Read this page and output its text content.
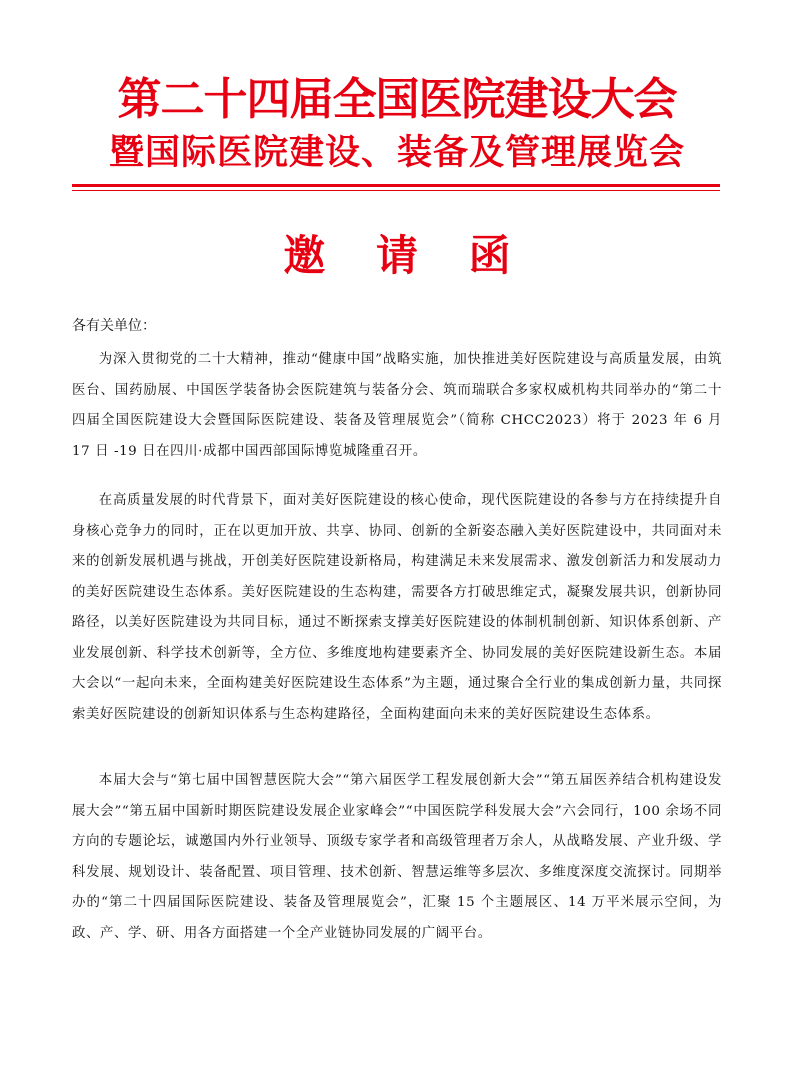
第二十四届全国医院建设大会
暨国际医院建设、装备及管理展览会
邀 请 函
各有关单位：

为深入贯彻党的二十大精神，推动“健康中国”战略实施，加快推进美好医院建设与高质量发展，由筑医台、国药励展、中国医学装备协会医院建筑与装备分会、筑而瑞联合多家权威机构共同举办的“第二十四届全国医院建设大会暨国际医院建设、装备及管理展览会”（简称 CHCC2023）将于 2023 年 6 月 17 日 -19 日在四川·成都中国西部国际博览城隆重召开。

在高质量发展的时代背景下，面对美好医院建设的核心使命，现代医院建设的各参与方在持续提升自身核心竞争力的同时，正在以更加开放、共享、协同、创新的全新姿态融入美好医院建设中，共同面对未来的创新发展机遇与挑战，开创美好医院建设新格局，构建满足未来发展需求、激发创新活力和发展动力的美好医院建设生态体系。美好医院建设的生态构建，需要各方打破思维定式，凝聚发展共识，创新协同路径，以美好医院建设为共同目标，通过不断探索支撑美好医院建设的体制机制创新、知识体系创新、产业发展创新、科学技术创新等，全方位、多维度地构建要素齐全、协同发展的美好医院建设新生态。本届大会以“一起向未来，全面构建美好医院建设生态体系”为主题，通过聚合全行业的集成创新力量，共同探索美好医院建设的创新知识体系与生态构建路径，全面构建面向未来的美好医院建设生态体系。

本届大会与“第七届中国智慧医院大会”“第六届医学工程发展创新大会”“第五届医养结合机构建设发展大会”“第五届中国新时期医院建设发展企业家峰会”“中国医院学科发展大会”六会同行，100 余场不同方向的专题论坛，诚邀国内外行业领导、顶级专家学者和高级管理者万余人，从战略发展、产业升级、学科发展、规划设计、装备配置、项目管理、技术创新、智慧运维等多层次、多维度深度交流探讨。同期举办的“第二十四届国际医院建设、装备及管理展览会”，汇聚 15 个主题展区、14 万平米展示空间，为政、产、学、研、用各方面搭建一个全产业链协同发展的广阔平台。
